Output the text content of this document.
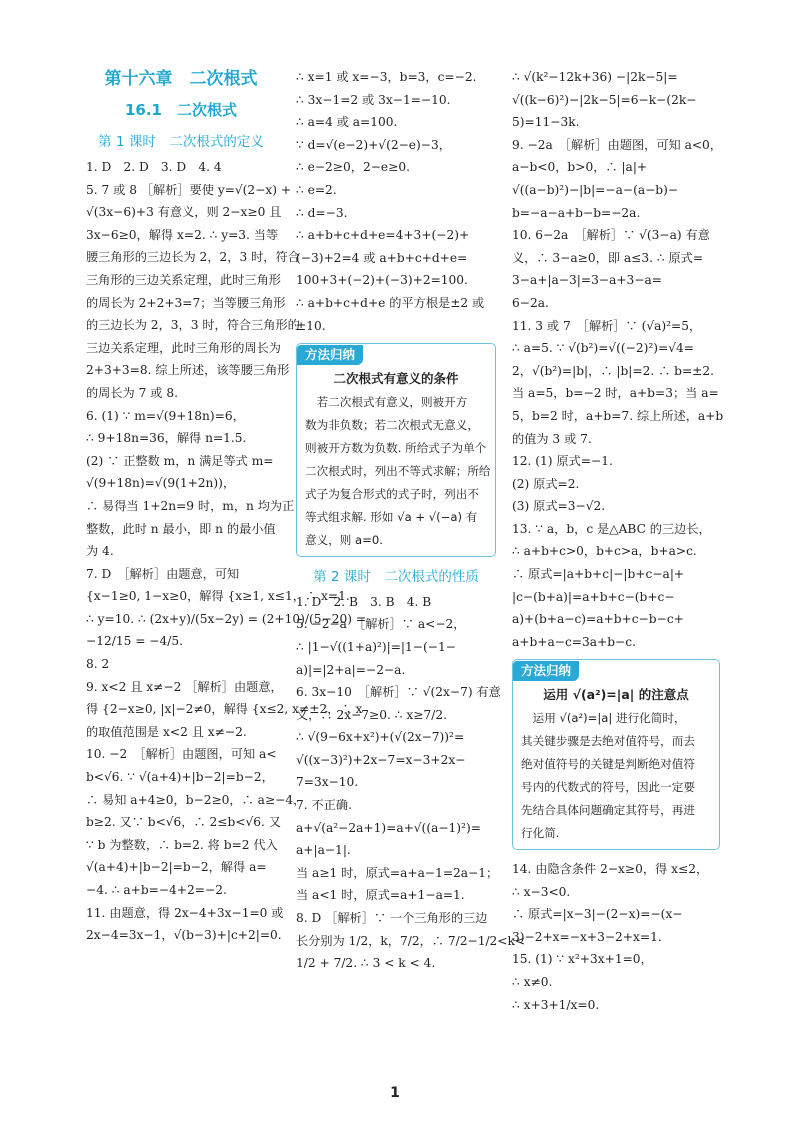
第十六章　二次根式
16.1　二次根式
第 1 课时　二次根式的定义
1. D　2. D　3. D　4. 4
5. 7 或 8 ［解析］要使 y=√(2−x) +
√(3x−6)+3 有意义，则 2−x≥0 且
3x−6≥0，解得 x=2. ∴ y=3. 当等
腰三角形的三边长为 2，2，3 时，符合
三角形的三边关系定理，此时三角形
的周长为 2+2+3=7；当等腰三角形
的三边长为 2，3，3 时，符合三角形的
三边关系定理，此时三角形的周长为
2+3+3=8. 综上所述，该等腰三角形
的周长为 7 或 8.
6. (1) ∵ m=√(9+18n)=6，
∴ 9+18n=36，解得 n=1.5.
(2) ∵ 正整数 m，n 满足等式 m=
√(9+18n)=√(9(1+2n))，
∴ 易得当 1+2n=9 时，m，n 均为正
整数，此时 n 最小，即 n 的最小值
为 4.
7. D　［解析］由题意，可知
{x−1≥0, 1−x≥0，解得 {x≥1, x≤1，∴ x=1.
∴ y=10. ∴ (2x+y)/(5x−2y) = (2+10)/(5−20) =
−12/15 = −4/5.
8. 2
9. x<2 且 x≠−2 ［解析］由题意，
得 {2−x≥0, |x|−2≠0，解得 {x≤2, x≠±2，∴ x
的取值范围是 x<2 且 x≠−2.
10. −2　［解析］由题图，可知 a<
b<√6. ∵ √(a+4)+|b−2|=b−2，
∴ 易知 a+4≥0，b−2≥0，∴ a≥−4，
b≥2. 又∵ b<√6，∴ 2≤b<√6. 又
∵ b 为整数，∴ b=2. 将 b=2 代入
√(a+4)+|b−2|=b−2，解得 a=
−4. ∴ a+b=−4+2=−2.
11. 由题意，得 2x−4+3x−1=0 或
2x−4=3x−1，√(b−3)+|c+2|=0.
∴ x=1 或 x=−3，b=3，c=−2.
∴ 3x−1=2 或 3x−1=−10.
∴ a=4 或 a=100.
∵ d=√(e−2)+√(2−e)−3，
∴ e−2≥0，2−e≥0.
∴ e=2.
∴ d=−3.
∴ a+b+c+d+e=4+3+(−2)+
(−3)+2=4 或 a+b+c+d+e=
100+3+(−2)+(−3)+2=100.
∴ a+b+c+d+e 的平方根是±2 或
±10.
方法归纳
二次根式有意义的条件
　若二次根式有意义，则被开方
数为非负数；若二次根式无意义，
则被开方数为负数. 所给式子为单个
二次根式时，列出不等式求解；所给
式子为复合形式的式子时，列出不
等式组求解. 形如 √a + √(−a) 有
意义，则 a=0.
第 2 课时　二次根式的性质
1. D　2. B　3. B　4. B
5. −2−a　［解析］∵ a<−2，
∴ |1−√((1+a)²)|=|1−(−1−
a)|=|2+a|=−2−a.
6. 3x−10　［解析］∵ √(2x−7) 有意
义，∴ 2x−7≥0. ∴ x≥7/2.
∴ √(9−6x+x²)+(√(2x−7))²=
√((x−3)²)+2x−7=x−3+2x−
7=3x−10.
7. 不正确.
a+√(a²−2a+1)=a+√((a−1)²)=
a+|a−1|.
当 a≥1 时，原式=a+a−1=2a−1；
当 a<1 时，原式=a+1−a=1.
8. D ［解析］∵ 一个三角形的三边
长分别为 1/2，k，7/2，∴ 7/2−1/2<k<
1/2 + 7/2. ∴ 3 < k < 4.
∴ √(k²−12k+36) −|2k−5|=
√((k−6)²)−|2k−5|=6−k−(2k−
5)=11−3k.
9. −2a　［解析］由题图，可知 a<0，
a−b<0，b>0，∴ |a|+
√((a−b)²)−|b|=−a−(a−b)−
b=−a−a+b−b=−2a.
10. 6−2a　［解析］∵ √(3−a) 有意
义，∴ 3−a≥0，即 a≤3. ∴ 原式=
3−a+|a−3|=3−a+3−a=
6−2a.
11. 3 或 7　［解析］∵ (√a)²=5，
∴ a=5. ∵ √(b²)=√((−2)²)=√4=
2，√(b²)=|b|，∴ |b|=2. ∴ b=±2.
当 a=5，b=−2 时，a+b=3；当 a=
5，b=2 时，a+b=7. 综上所述，a+b
的值为 3 或 7.
12. (1) 原式=−1.
(2) 原式=2.
(3) 原式=3−√2.
13. ∵ a，b，c 是△ABC 的三边长，
∴ a+b+c>0，b+c>a，b+a>c.
∴ 原式=|a+b+c|−|b+c−a|+
|c−(b+a)|=a+b+c−(b+c−
a)+(b+a−c)=a+b+c−b−c+
a+b+a−c=3a+b−c.
方法归纳
运用 √(a²)=|a| 的注意点
　运用 √(a²)=|a| 进行化简时，
其关键步骤是去绝对值符号，而去
绝对值符号的关键是判断绝对值符
号内的代数式的符号，因此一定要
先结合具体问题确定其符号，再进
行化简.
14. 由隐含条件 2−x≥0，得 x≤2，
∴ x−3<0.
∴ 原式=|x−3|−(2−x)=−(x−
3)−2+x=−x+3−2+x=1.
15. (1) ∵ x²+3x+1=0，
∴ x≠0.
∴ x+3+1/x=0.
1
